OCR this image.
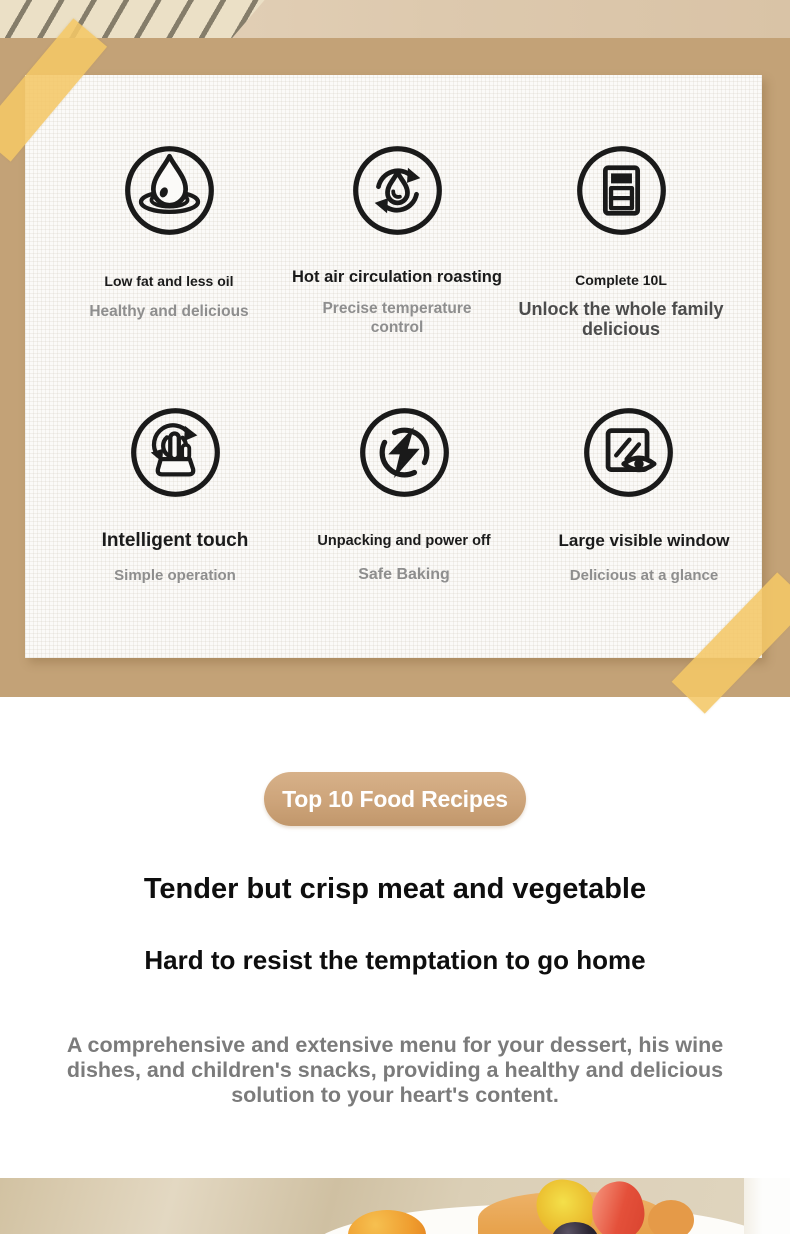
Low fat and less oil
Healthy and delicious
Hot air circulation roasting
Precise temperature control
Complete 10L
Unlock the whole family delicious
Intelligent touch
Simple operation
Unpacking and power off
Safe Baking
Large visible window
Delicious at a glance
Top 10 Food Recipes
Tender but crisp meat and vegetable
Hard to resist the temptation to go home
A comprehensive and extensive menu for your dessert, his wine dishes, and children's snacks, providing a healthy and delicious solution to your heart's content.
